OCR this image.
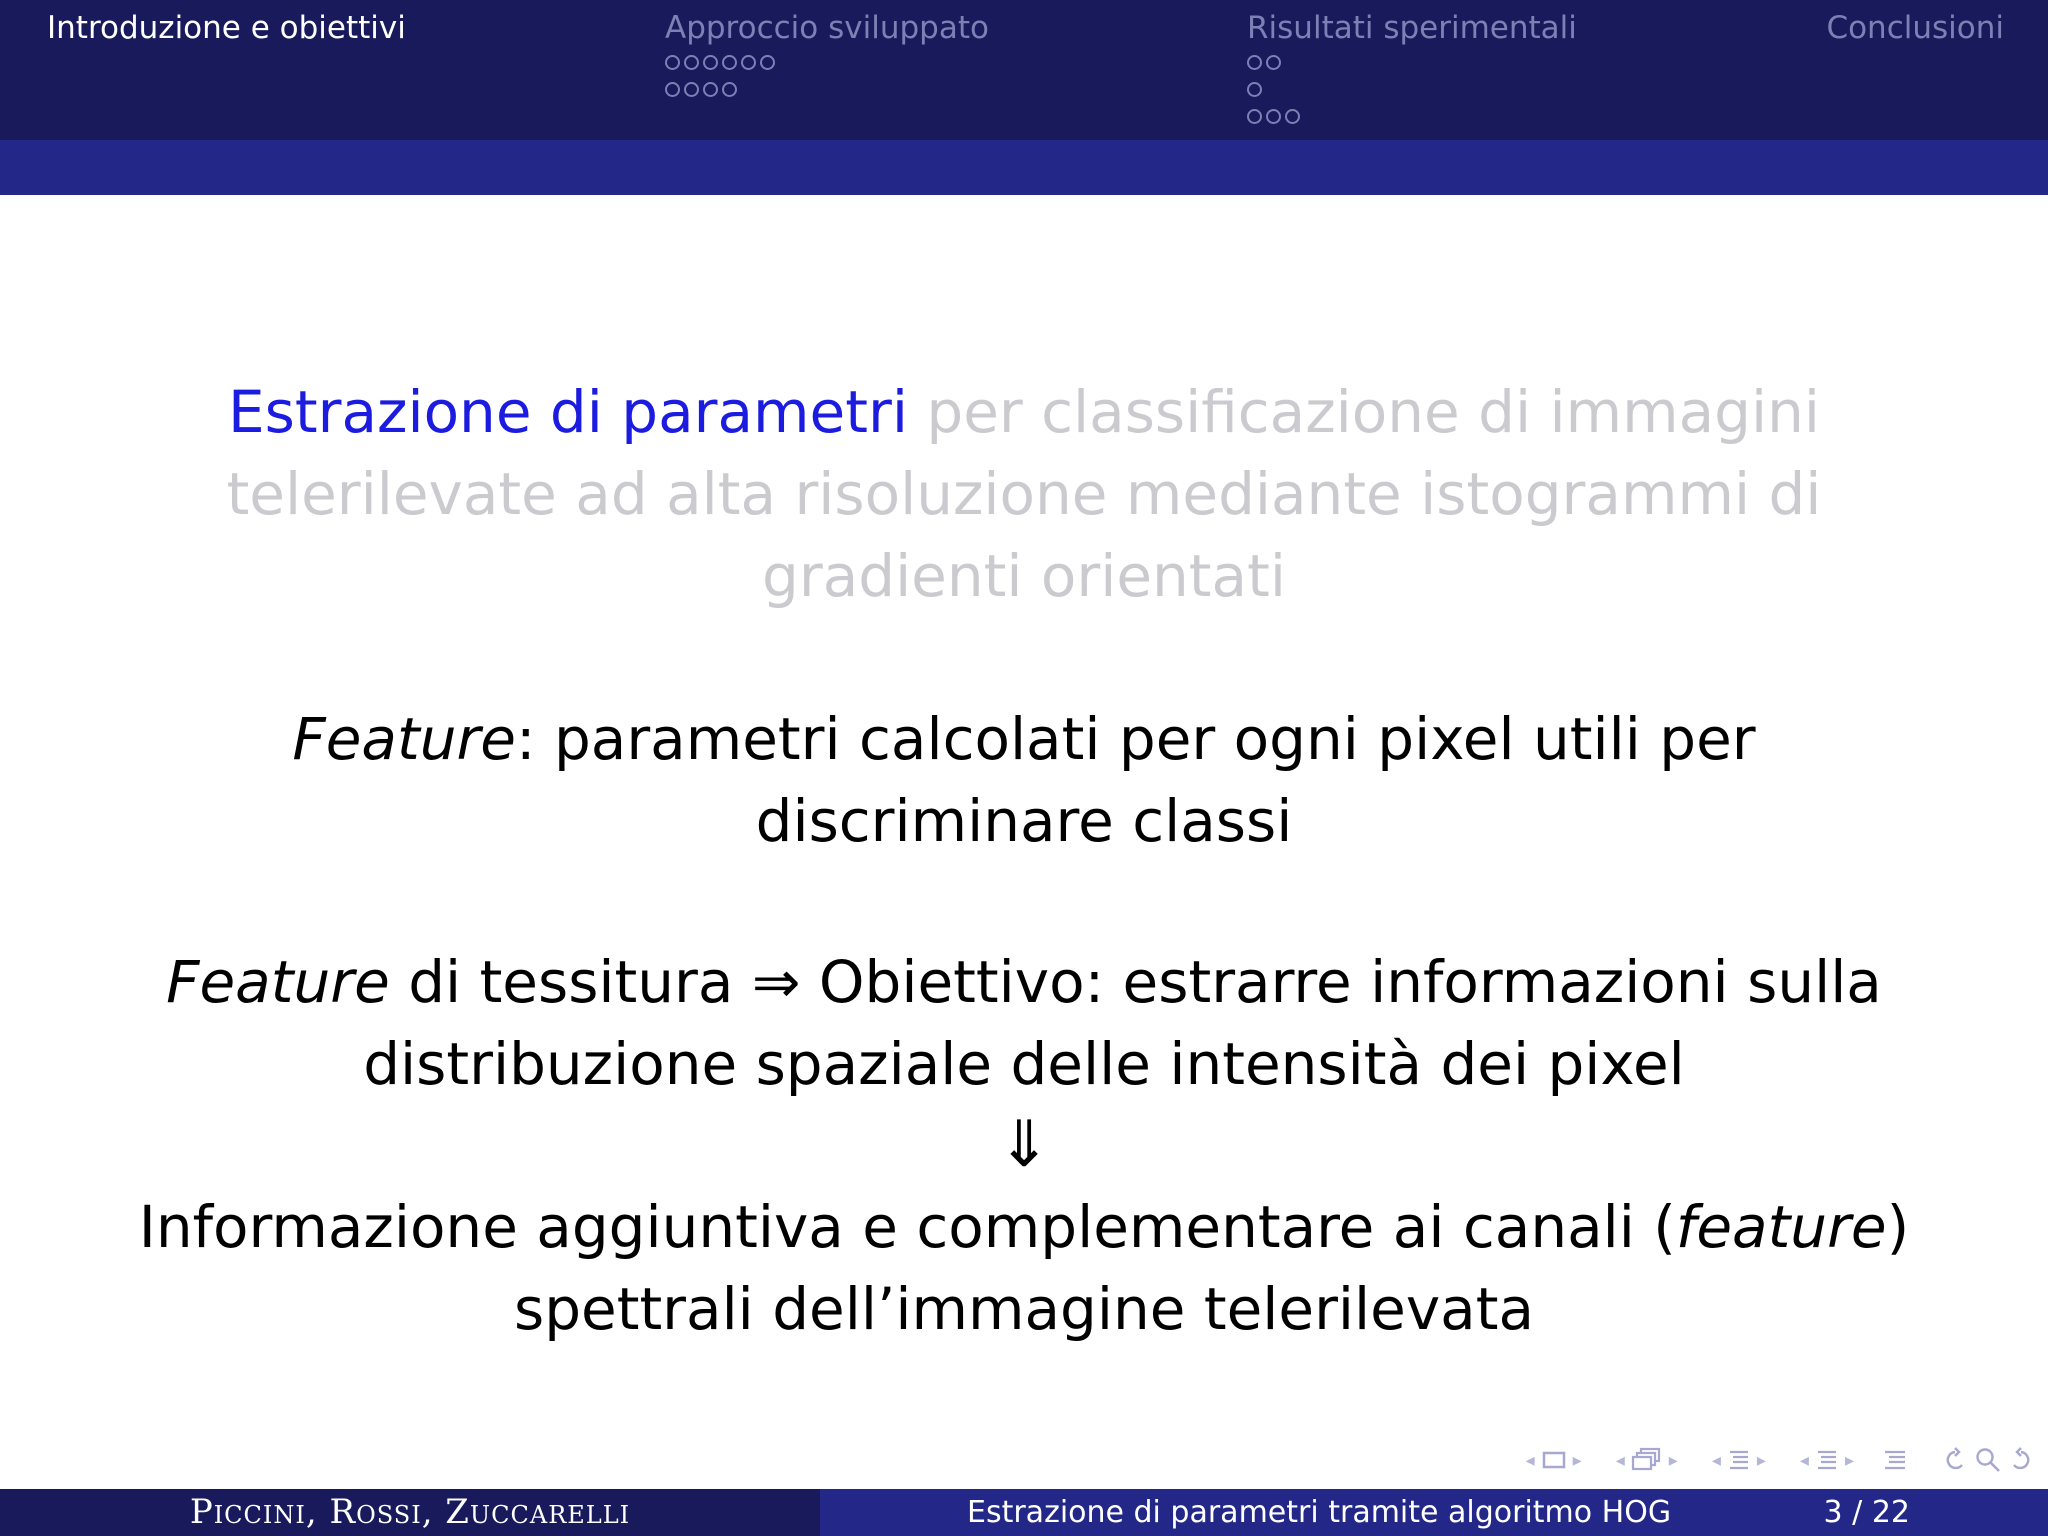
Introduzione e obiettivi	Approccio sviluppato	Risultati sperimentali	Conclusioni
Estrazione di parametri per classificazione di immagini
telerilevate ad alta risoluzione mediante istogrammi di
gradienti orientati
Feature: parametri calcolati per ogni pixel utili per
discriminare classi
Feature di tessitura ⇒ Obiettivo: estrarre informazioni sulla
distribuzione spaziale delle intensità dei pixel
⇓
Informazione aggiuntiva e complementare ai canali (feature)
spettrali dell’immagine telerilevata
◂	▸	◂	▸	◂	▸	◂	▸
Piccini, Rossi, Zuccarelli	Estrazione di parametri tramite algoritmo HOG	3 / 22
